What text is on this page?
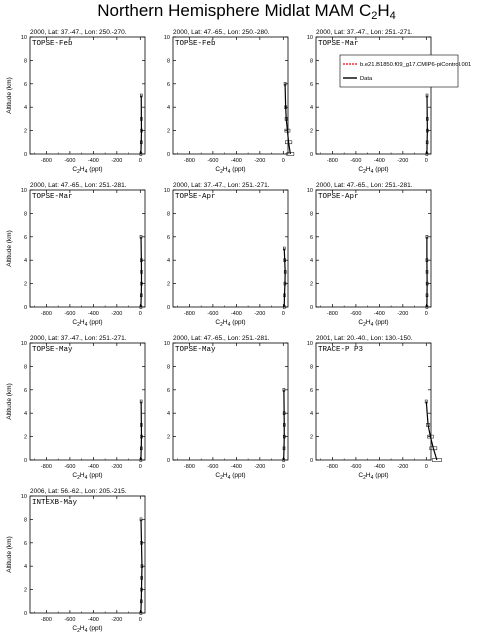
Northern Hemisphere Midlat MAM $C_2H_4$
2000, Lat: 37.-47., Lon: 250.-270.
TOPSE-Feb
-800 -600 -400 -200	0
0
2
4
6
8
10
$C_2H_4$ (ppt)
Altitude (km)
2000, Lat: 47.-65., Lon: 250.-280.
TOPSE-Feb
-800 -600 -400 -200	0
0
2
4
6
8
10
$C_2H_4$ (ppt)
2000, Lat: 37.-47., Lon: 251.-271.
TOPSE-Mar
-800 -600 -400 -200	0
0
2
4
6
8
10
$C_2H_4$ (ppt)
b.e21.B1850.f09_g17.CMIP6-piControl.001
Data
2000, Lat: 47.-65., Lon: 251.-281.
TOPSE-Mar
-800 -600 -400 -200	0
0
2
4
6
8
10
$C_2H_4$ (ppt)
Altitude (km)
2000, Lat: 37.-47., Lon: 251.-271.
TOPSE-Apr
-800 -600 -400 -200	0
0
2
4
6
8
10
$C_2H_4$ (ppt)
2000, Lat: 47.-65., Lon: 251.-281.
TOPSE-Apr
-800 -600 -400 -200	0
0
2
4
6
8
10
$C_2H_4$ (ppt)
2000, Lat: 37.-47., Lon: 251.-271.
TOPSE-May
-800 -600 -400 -200	0
0
2
4
6
8
10
$C_2H_4$ (ppt)
Altitude (km)
2000, Lat: 47.-65., Lon: 251.-281.
TOPSE-May
-800 -600 -400 -200	0
0
2
4
6
8
10
$C_2H_4$ (ppt)
2001, Lat: 20.-40., Lon: 130.-150.
TRACE-P P3
-800 -600 -400 -200	0
0
2
4
6
8
10
$C_2H_4$ (ppt)
2006, Lat: 56.-62., Lon: 205.-215.
INTEXB-May
-800 -600 -400 -200	0
0
2
4
6
8
10
$C_2H_4$ (ppt)
Altitude (km)
